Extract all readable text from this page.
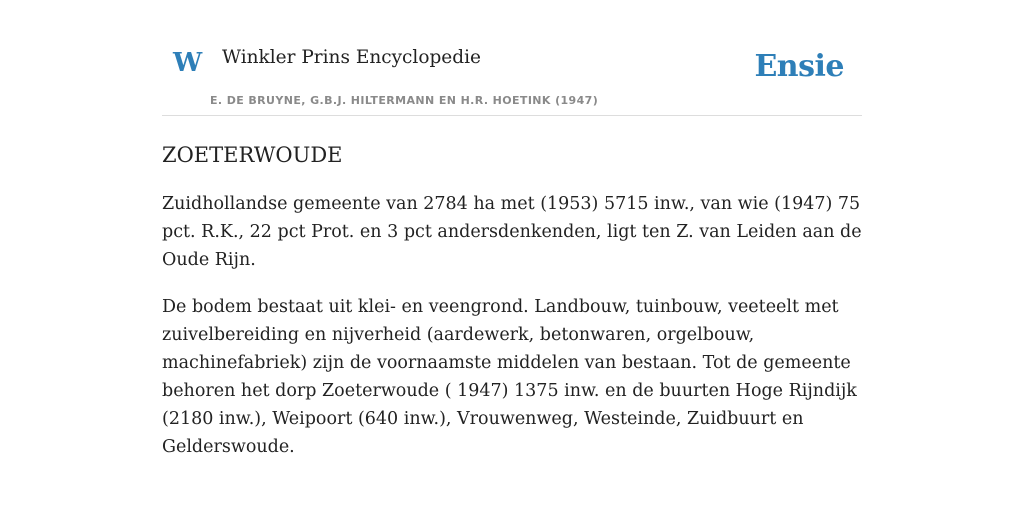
W Winkler Prins Encyclopedie
E. DE BRUYNE, G.B.J. HILTERMANN EN H.R. HOETINK (1947)
Ensie
ZOETERWOUDE

Zuidhollandse gemeente van 2784 ha met (1953) 5715 inw., van wie (1947) 75 pct. R.K., 22 pct Prot. en 3 pct andersdenkenden, ligt ten Z. van Leiden aan de Oude Rijn.

De bodem bestaat uit klei- en veengrond. Landbouw, tuinbouw, veeteelt met zuivelbereiding en nijverheid (aardewerk, betonwaren, orgelbouw, machinefabriek) zijn de voornaamste middelen van bestaan. Tot de gemeente behoren het dorp Zoeterwoude ( 1947) 1375 inw. en de buurten Hoge Rijndijk (2180 inw.), Weipoort (640 inw.), Vrouwenweg, Westeinde, Zuidbuurt en Gelderswoude.
